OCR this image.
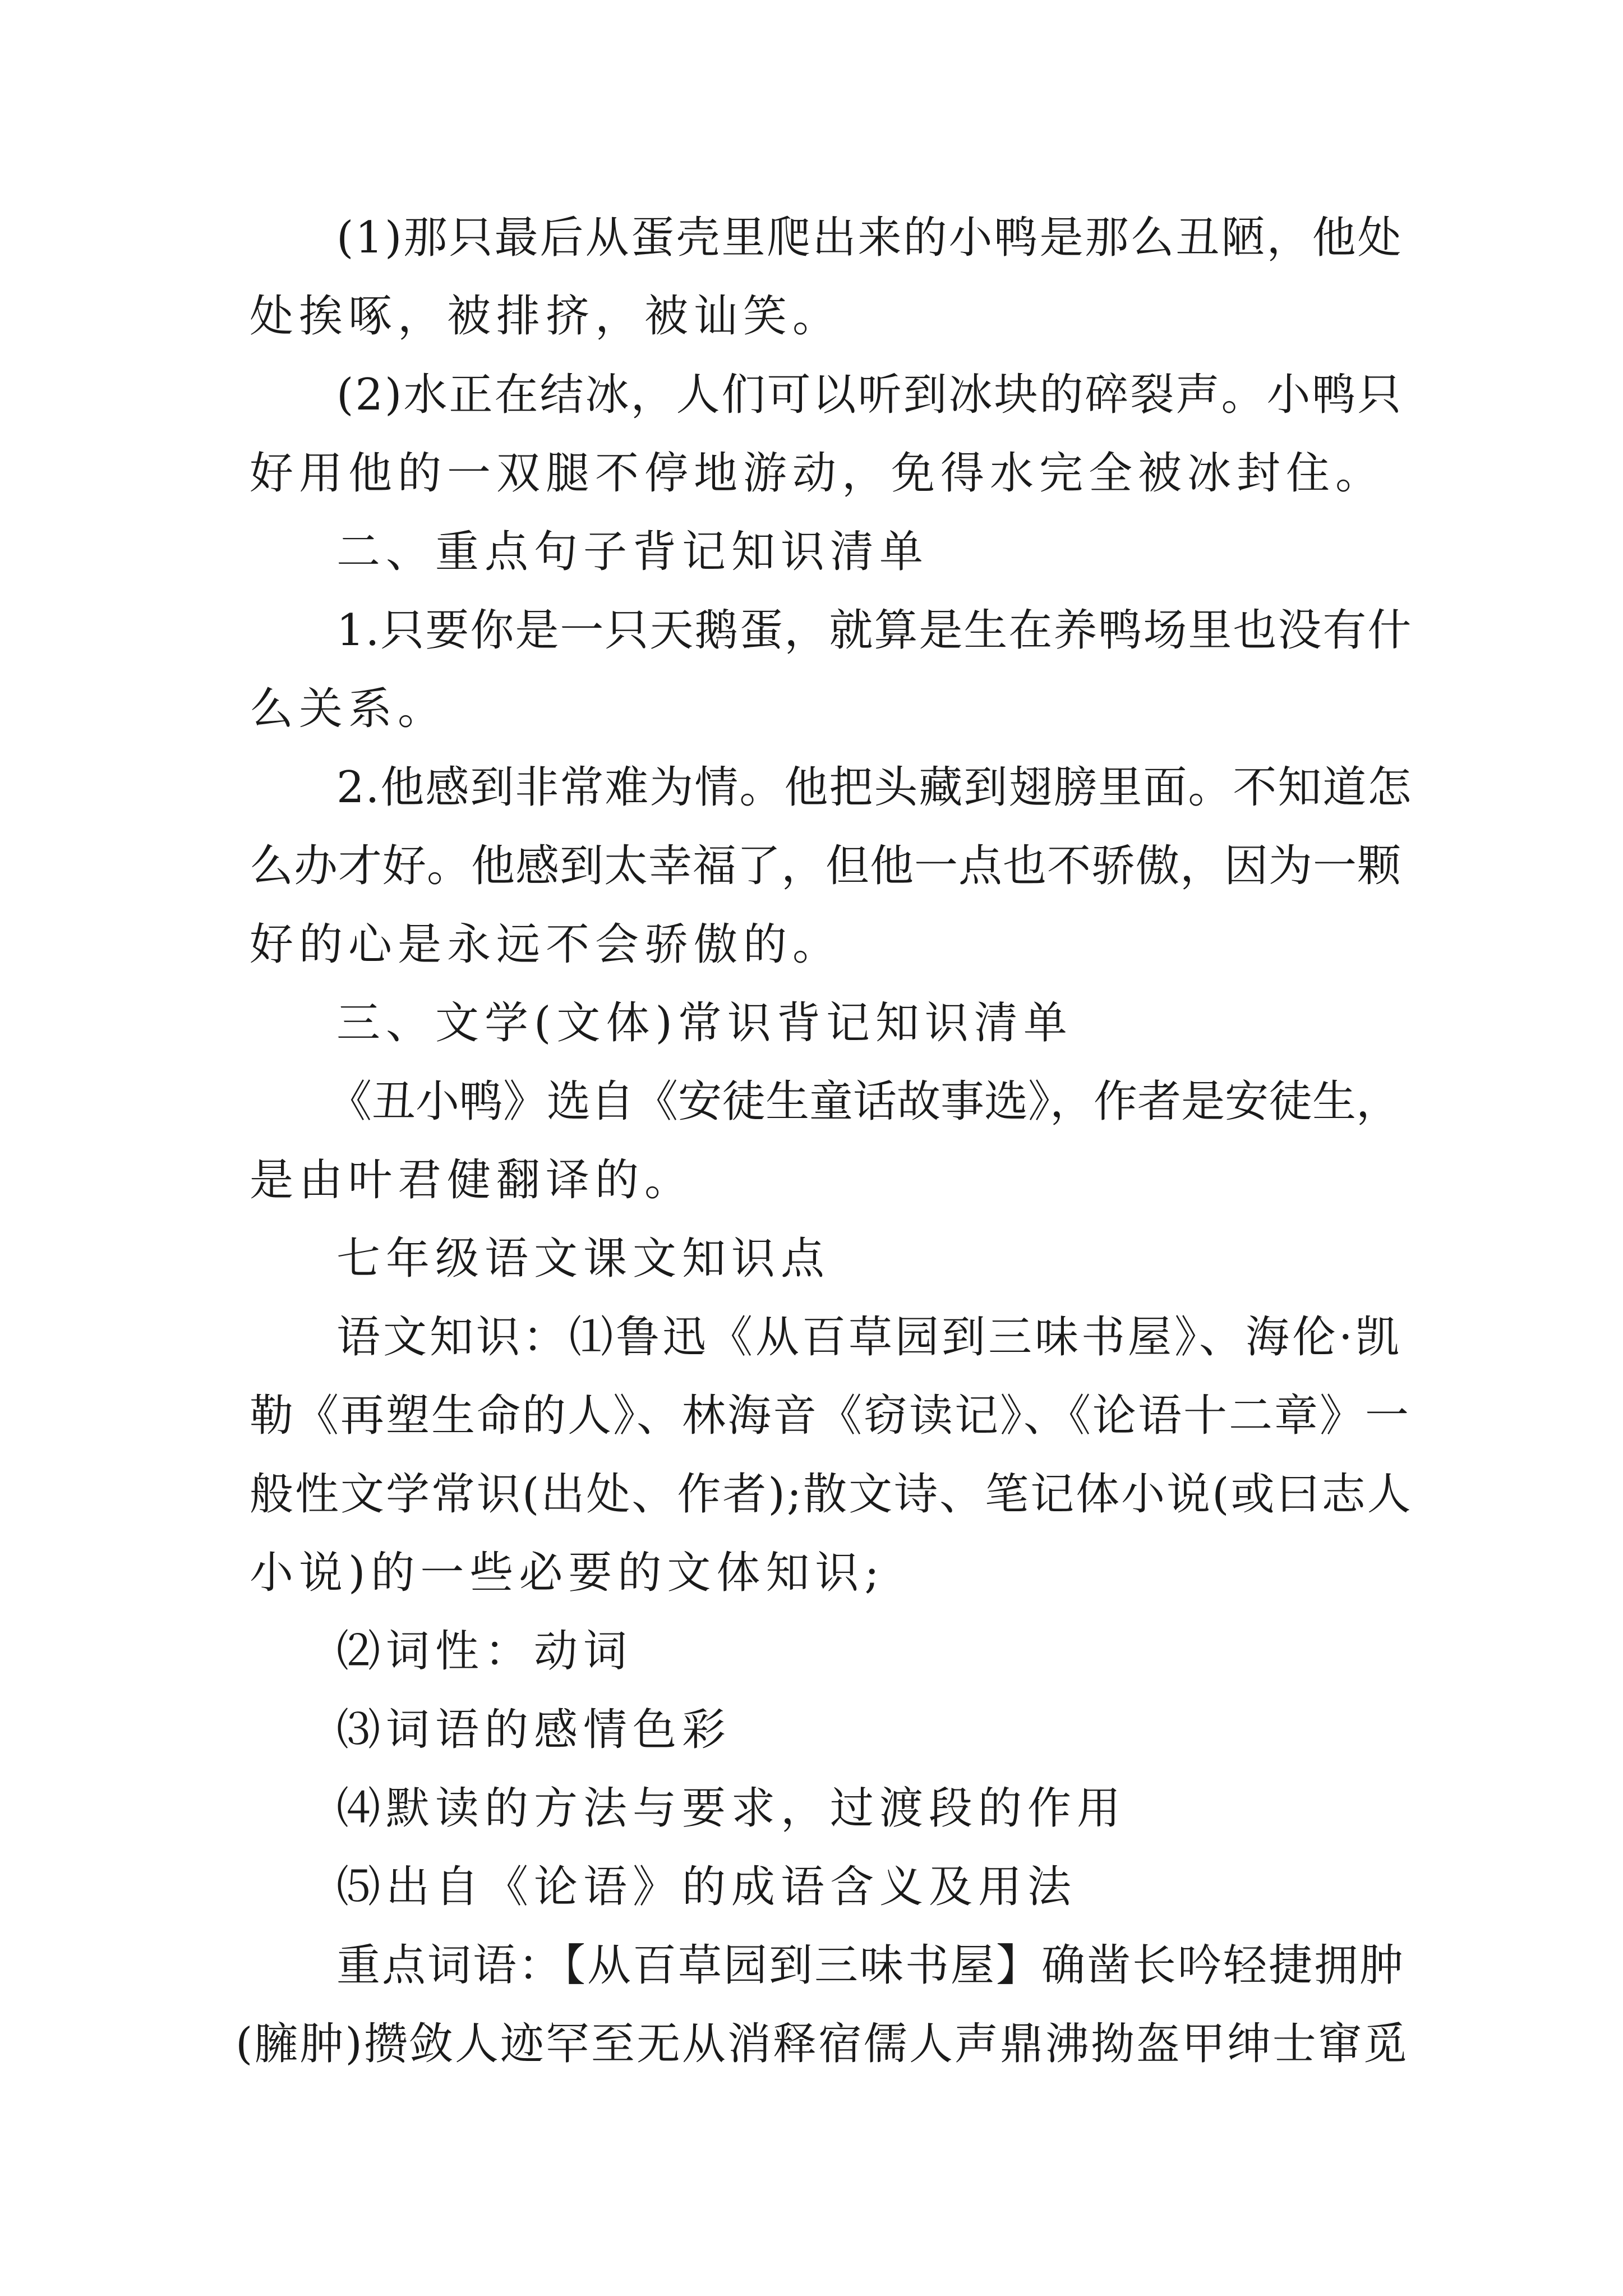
(1)那只最后从蛋壳里爬出来的小鸭是那么丑陋，他处

处挨啄，被排挤，被讪笑。

(2)水正在结冰，人们可以听到冰块的碎裂声。小鸭只

好用他的一双腿不停地游动，免得水完全被冰封住。

二、重点句子背记知识清单

1.只要你是一只天鹅蛋，就算是生在养鸭场里也没有什

么关系。

2.他感到非常难为情。他把头藏到翅膀里面。不知道怎

么办才好。他感到太幸福了，但他一点也不骄傲，因为一颗

好的心是永远不会骄傲的。

三、文学(文体)常识背记知识清单

《丑小鸭》选自《安徒生童话故事选》，作者是安徒生，

是由叶君健翻译的。

七年级语文课文知识点

语文知识：⑴鲁迅《从百草园到三味书屋》、海伦·凯

勒《再塑生命的人》、林海音《窃读记》、《论语十二章》一

般性文学常识(出处、作者);散文诗、笔记体小说(或曰志人

小说)的一些必要的文体知识;

⑵词性：动词

⑶词语的感情色彩

⑷默读的方法与要求，过渡段的作用

⑸出自《论语》的成语含义及用法

重点词语：【从百草园到三味书屋】确凿长吟轻捷拥肿

(臃肿)攒敛人迹罕至无从消释宿儒人声鼎沸拗盔甲绅士窜觅
